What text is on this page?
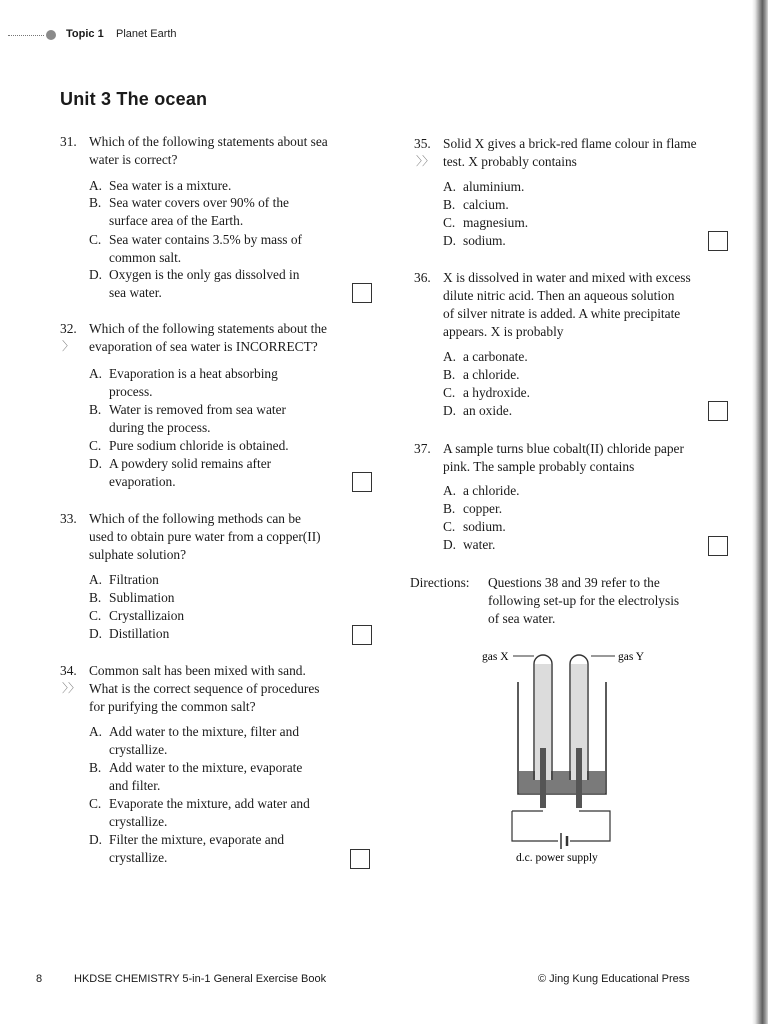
Topic 1 Planet Earth
Unit 3 The ocean
31. Which of the following statements about sea
water is correct?
A. Sea water is a mixture.
B. Sea water covers over 90% of the
surface area of the Earth.
C. Sea water contains 3.5% by mass of
common salt.
D. Oxygen is the only gas dissolved in
sea water.
32.
〉
Which of the following statements about the
evaporation of sea water is INCORRECT?
A. Evaporation is a heat absorbing
process.
B. Water is removed from sea water
during the process.
C. Pure sodium chloride is obtained.
D. A powdery solid remains after
evaporation.
33. Which of the following methods can be
used to obtain pure water from a copper(II)
sulphate solution?
A. Filtration
B. Sublimation
C. Crystallizaion
D. Distillation
34.
〉〉
Common salt has been mixed with sand.
What is the correct sequence of procedures
for purifying the common salt?
A. Add water to the mixture, filter and
crystallize.
B. Add water to the mixture, evaporate
and filter.
C. Evaporate the mixture, add water and
crystallize.
D. Filter the mixture, evaporate and
crystallize.
35.
〉〉
Solid X gives a brick-red flame colour in flame
test. X probably contains
A. aluminium.
B. calcium.
C. magnesium.
D. sodium.
36. X is dissolved in water and mixed with excess
dilute nitric acid. Then an aqueous solution
of silver nitrate is added. A white precipitate
appears. X is probably
A. a carbonate.
B. a chloride.
C. a hydroxide.
D. an oxide.
37. A sample turns blue cobalt(II) chloride paper
pink. The sample probably contains
A. a chloride.
B. copper.
C. sodium.
D. water.
Directions: Questions 38 and 39 refer to the
following set-up for the electrolysis
of sea water.
gas X	gas Y
d.c. power supply
8	HKDSE CHEMISTRY 5-in-1 General Exercise Book	© Jing Kung Educational Press
